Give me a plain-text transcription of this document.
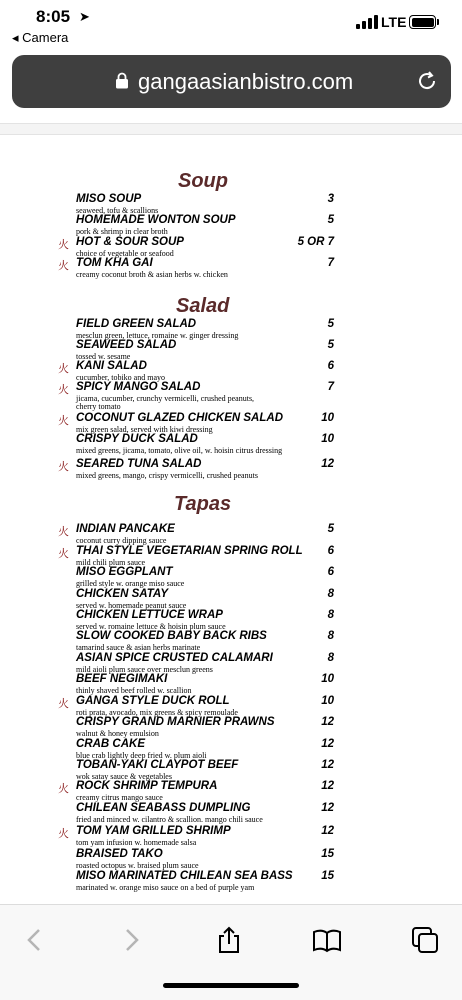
8:05 ➤
◂ Camera
LTE
gangaasianbistro.com
Soup
MISO SOUP
seaweed, tofu & scallions
3
HOMEMADE WONTON SOUP
pork & shrimp in clear broth
5
火 HOT & SOUR SOUP
choice of vegetable or seafood
5 OR 7
火 TOM KHA GAI
creamy coconut broth & asian herbs w. chicken
7
Salad
FIELD GREEN SALAD
mesclun green, lettuce, romaine w. ginger dressing
5
SEAWEED SALAD
tossed w. sesame
5
火 KANI SALAD
cucumber, tobiko and mayo
6
火 SPICY MANGO SALAD
jicama, cucumber, crunchy vermicelli, crushed peanuts,
cherry tomato
7
火 COCONUT GLAZED CHICKEN SALAD
mix green salad, served with kiwi dressing
10
CRISPY DUCK SALAD
mixed greens, jicama, tomato, olive oil, w. hoisin citrus dressing
10
火 SEARED TUNA SALAD
mixed greens, mango, crispy vermicelli, crushed peanuts
12
Tapas
火 INDIAN PANCAKE
coconut curry dipping sauce
5
火 THAI STYLE VEGETARIAN SPRING ROLL
mild chili plum sauce
6
MISO EGGPLANT
grilled style w. orange miso sauce
6
CHICKEN SATAY
served w. homemade peanut sauce
8
CHICKEN LETTUCE WRAP
served w. romaine lettuce & hoisin plum sauce
8
SLOW COOKED BABY BACK RIBS
tamarind sauce & asian herbs marinate
8
ASIAN SPICE CRUSTED CALAMARI
mild aioli plum sauce over mesclun greens
8
BEEF NEGIMAKI
thinly shaved beef rolled w. scallion
10
火 GANGA STYLE DUCK ROLL
roti prata, avocado, mix greens & spicy remoulade
10
CRISPY GRAND MARNIER PRAWNS
walnut & honey emulsion
12
CRAB CAKE
blue crab lightly deep fried w. plum aioli
12
TOBAN-YAKI CLAYPOT BEEF
wok satay sauce & vegetables
12
火 ROCK SHRIMP TEMPURA
creamy citrus mango sauce
12
CHILEAN SEABASS DUMPLING
fried and minced w. cilantro & scallion. mango chili sauce
12
火 TOM YAM GRILLED SHRIMP
tom yam infusion w. homemade salsa
12
BRAISED TAKO
roasted octopus w. braised plum sauce
15
MISO MARINATED CHILEAN SEA BASS
marinated w. orange miso sauce on a bed of purple yam
15
